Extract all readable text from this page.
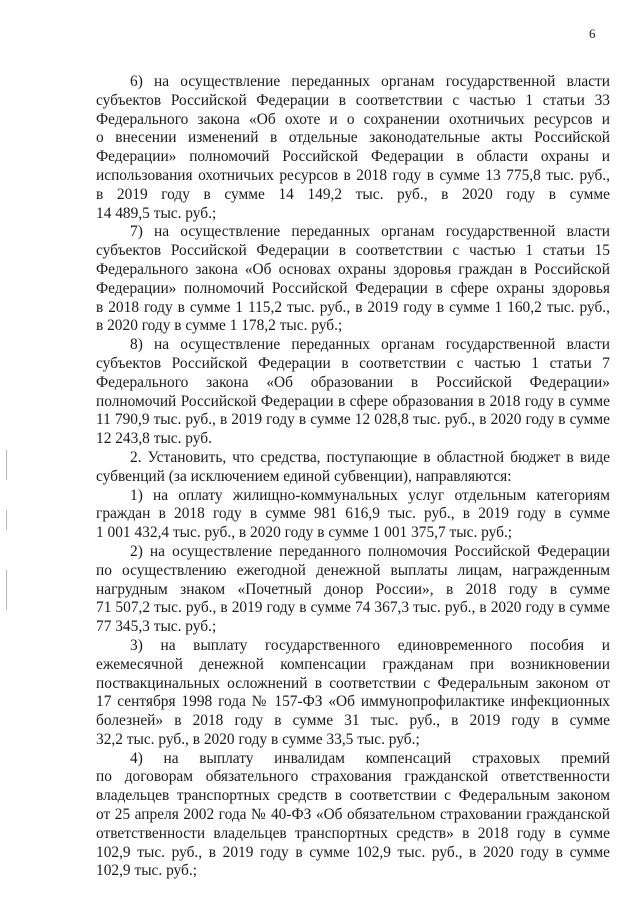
6
6) на осуществление переданных органам государственной власти
субъектов Российской Федерации в соответствии с частью 1 статьи 33
Федерального закона «Об охоте и о сохранении охотничьих ресурсов и
о внесении изменений в отдельные законодательные акты Российской
Федерации» полномочий Российской Федерации в области охраны и
использования охотничьих ресурсов в 2018 году в сумме 13 775,8 тыс. руб.,
в 2019 году в сумме 14 149,2 тыс. руб., в 2020 году в сумме
14 489,5 тыс. руб.;
7) на осуществление переданных органам государственной власти
субъектов Российской Федерации в соответствии с частью 1 статьи 15
Федерального закона «Об основах охраны здоровья граждан в Российской
Федерации» полномочий Российской Федерации в сфере охраны здоровья
в 2018 году в сумме 1 115,2 тыс. руб., в 2019 году в сумме 1 160,2 тыс. руб.,
в 2020 году в сумме 1 178,2 тыс. руб.;
8) на осуществление переданных органам государственной власти
субъектов Российской Федерации в соответствии с частью 1 статьи 7
Федерального закона «Об образовании в Российской Федерации»
полномочий Российской Федерации в сфере образования в 2018 году в сумме
11 790,9 тыс. руб., в 2019 году в сумме 12 028,8 тыс. руб., в 2020 году в сумме
12 243,8 тыс. руб.
2. Установить, что средства, поступающие в областной бюджет в виде
субвенций (за исключением единой субвенции), направляются:
1) на оплату жилищно-коммунальных услуг отдельным категориям
граждан в 2018 году в сумме 981 616,9 тыс. руб., в 2019 году в сумме
1 001 432,4 тыс. руб., в 2020 году в сумме 1 001 375,7 тыс. руб.;
2) на осуществление переданного полномочия Российской Федерации
по осуществлению ежегодной денежной выплаты лицам, награжденным
нагрудным знаком «Почетный донор России», в 2018 году в сумме
71 507,2 тыс. руб., в 2019 году в сумме 74 367,3 тыс. руб., в 2020 году в сумме
77 345,3 тыс. руб.;
3) на выплату государственного единовременного пособия и
ежемесячной денежной компенсации гражданам при возникновении
поствакцинальных осложнений в соответствии с Федеральным законом от
17 сентября 1998 года № 157-ФЗ «Об иммунопрофилактике инфекционных
болезней» в 2018 году в сумме 31 тыс. руб., в 2019 году в сумме
32,2 тыс. руб., в 2020 году в сумме 33,5 тыс. руб.;
4) на выплату инвалидам компенсаций страховых премий
по договорам обязательного страхования гражданской ответственности
владельцев транспортных средств в соответствии с Федеральным законом
от 25 апреля 2002 года № 40-ФЗ «Об обязательном страховании гражданской
ответственности владельцев транспортных средств» в 2018 году в сумме
102,9 тыс. руб., в 2019 году в сумме 102,9 тыс. руб., в 2020 году в сумме
102,9 тыс. руб.;
